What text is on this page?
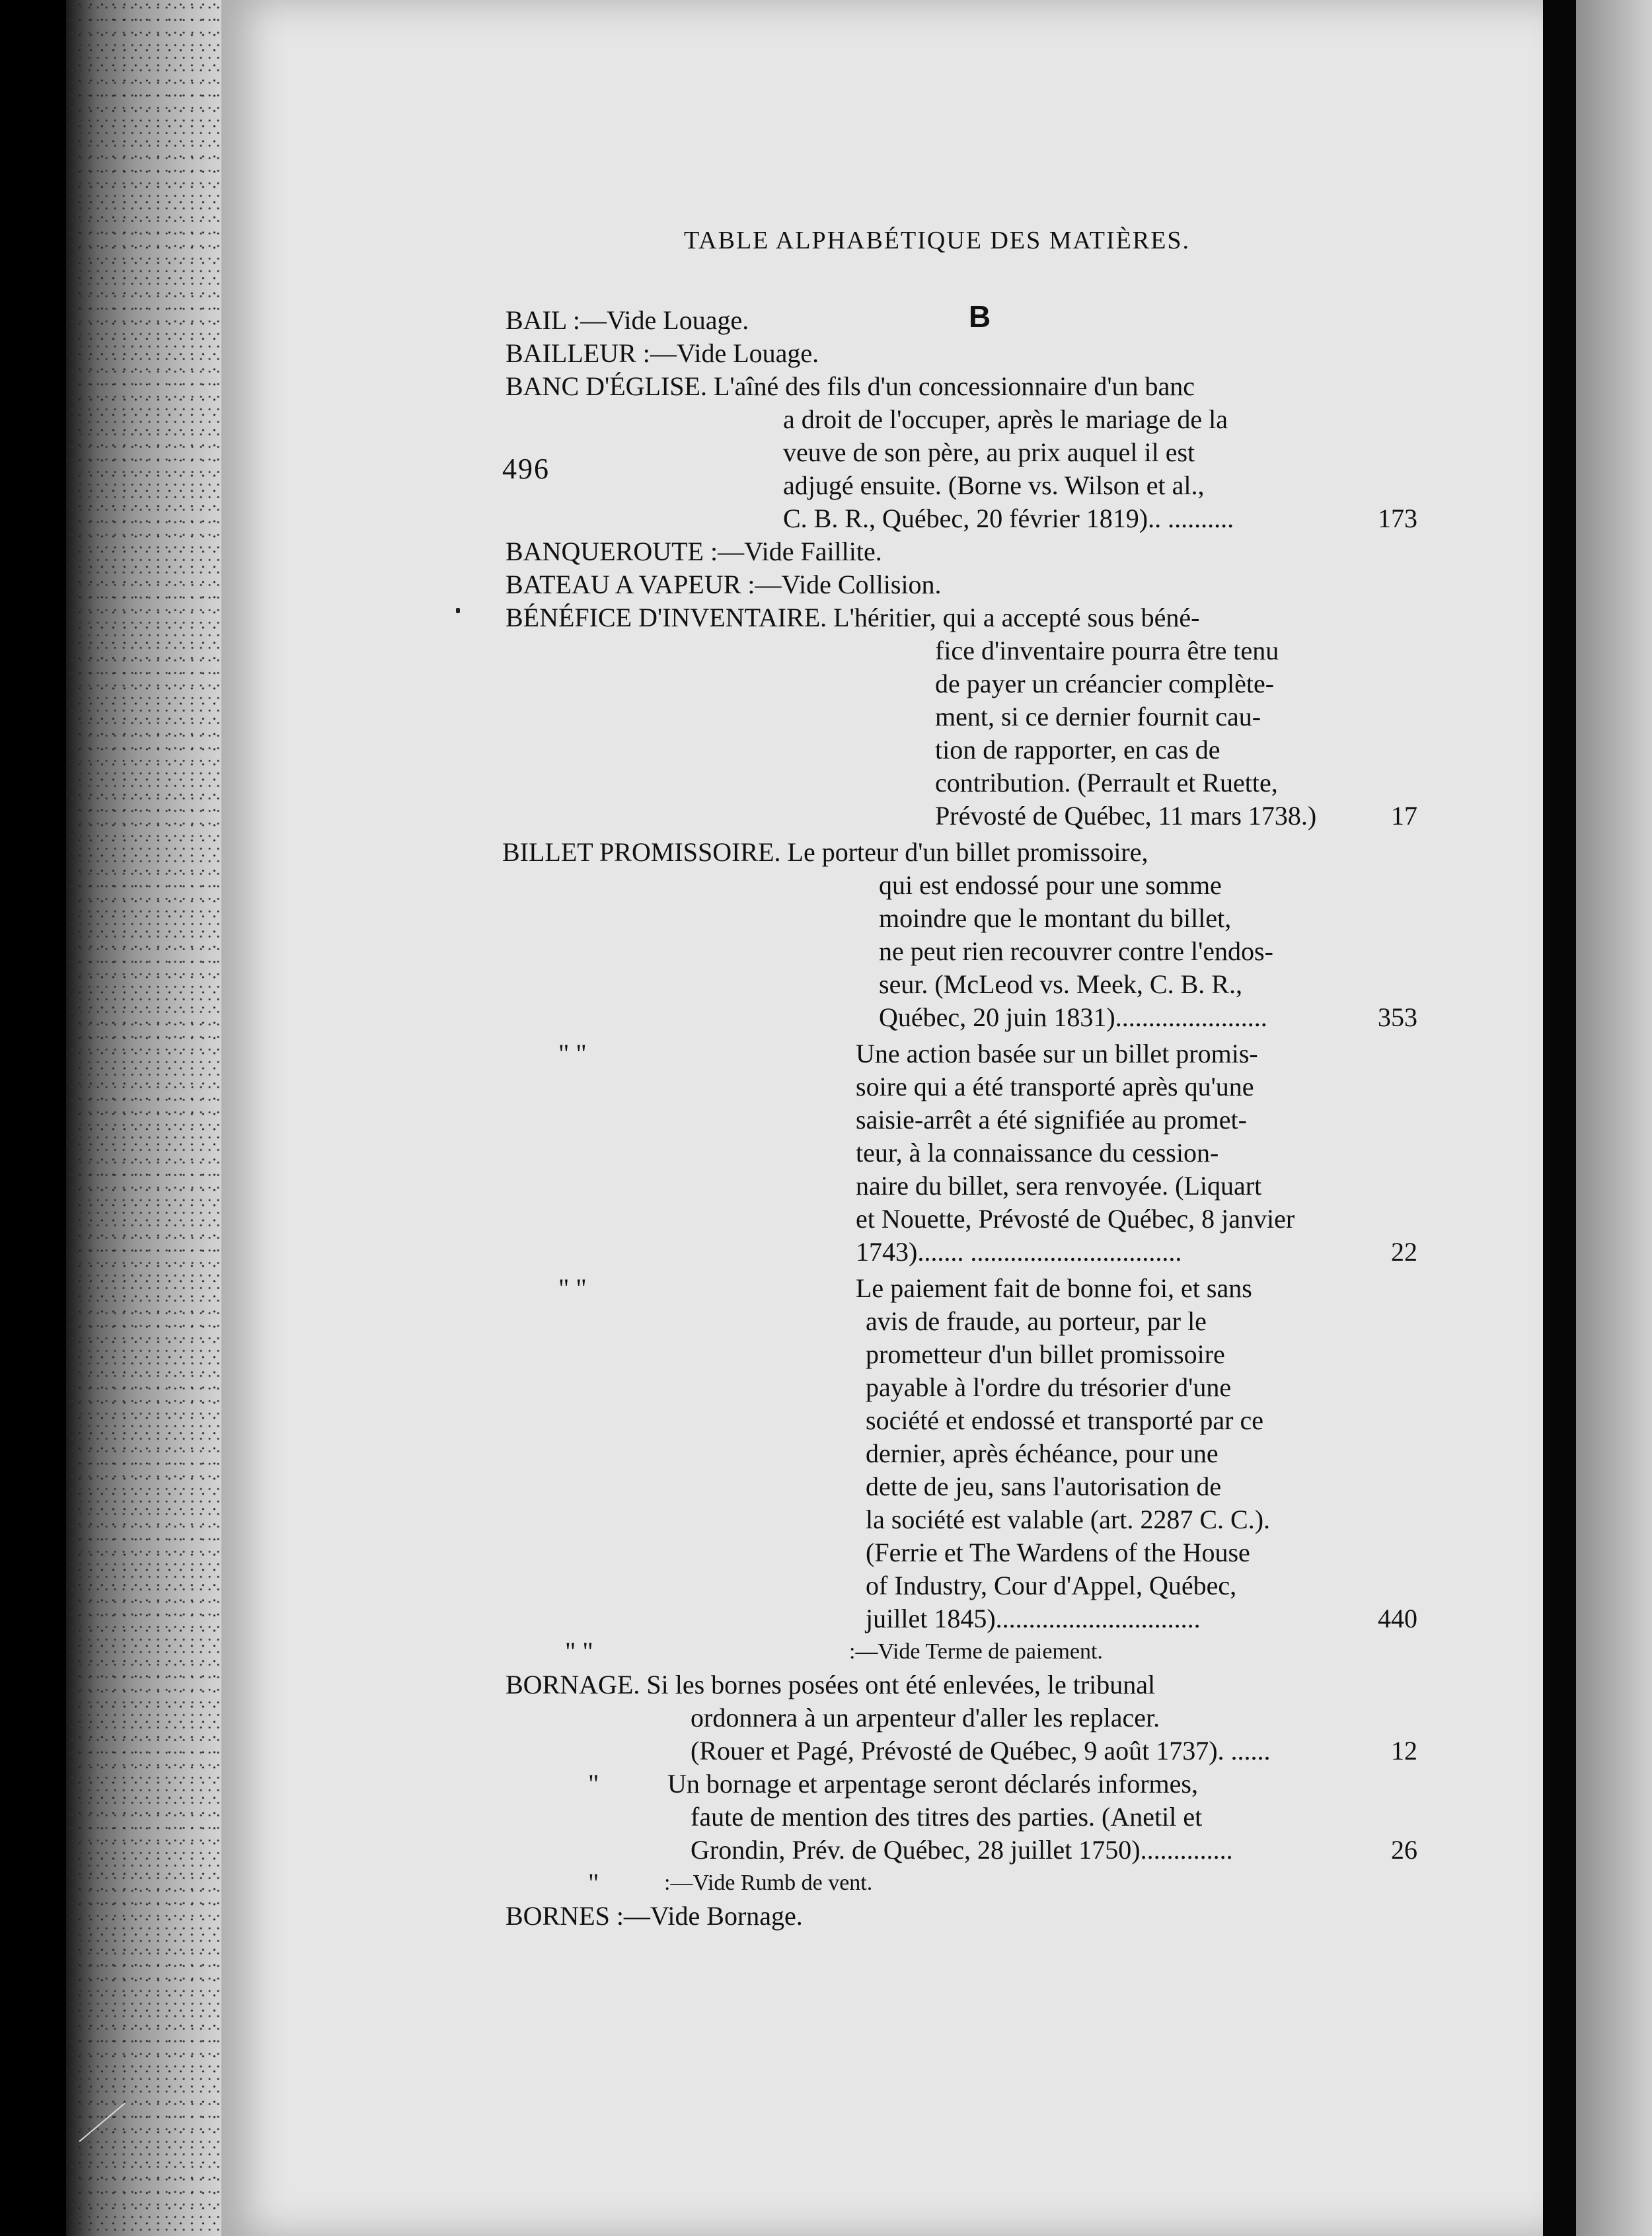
496
TABLE ALPHABÉTIQUE DES MATIÈRES.
B
BAIL :—Vide Louage.
BAILLEUR :—Vide Louage.
BANC D'ÉGLISE. L'aîné des fils d'un concessionnaire d'un banc
a droit de l'occuper, après le mariage de la
veuve de son père, au prix auquel il est
adjugé ensuite. (Borne vs. Wilson et al.,
C. B. R., Québec, 20 février 1819).. ..........	173
BANQUEROUTE :—Vide Faillite.
BATEAU A VAPEUR :—Vide Collision.
BÉNÉFICE D'INVENTAIRE. L'héritier, qui a accepté sous béné-
fice d'inventaire pourra être tenu
de payer un créancier complète-
ment, si ce dernier fournit cau-
tion de rapporter, en cas de
contribution. (Perrault et Ruette,
Prévosté de Québec, 11 mars 1738.)	17
BILLET PROMISSOIRE. Le porteur d'un billet promissoire,
qui est endossé pour une somme
moindre que le montant du billet,
ne peut rien recouvrer contre l'endos-
seur. (McLeod vs. Meek, C. B. R.,
Québec, 20 juin 1831).......................	353
" "	Une action basée sur un billet promis-
soire qui a été transporté après qu'une
saisie-arrêt a été signifiée au promet-
teur, à la connaissance du cession-
naire du billet, sera renvoyée. (Liquart
et Nouette, Prévosté de Québec, 8 janvier
1743)....... ................................	22
" "	Le paiement fait de bonne foi, et sans
avis de fraude, au porteur, par le
prometteur d'un billet promissoire
payable à l'ordre du trésorier d'une
société et endossé et transporté par ce
dernier, après échéance, pour une
dette de jeu, sans l'autorisation de
la société est valable (art. 2287 C. C.).
(Ferrie et The Wardens of the House
of Industry, Cour d'Appel, Québec,
juillet 1845)...............................	440
" "	:—Vide Terme de paiement.
BORNAGE. Si les bornes posées ont été enlevées, le tribunal
ordonnera à un arpenteur d'aller les replacer.
(Rouer et Pagé, Prévosté de Québec, 9 août 1737). ......	12
"	Un bornage et arpentage seront déclarés informes,
faute de mention des titres des parties. (Anetil et
Grondin, Prév. de Québec, 28 juillet 1750)..............	26
"	:—Vide Rumb de vent.
BORNES :—Vide Bornage.
